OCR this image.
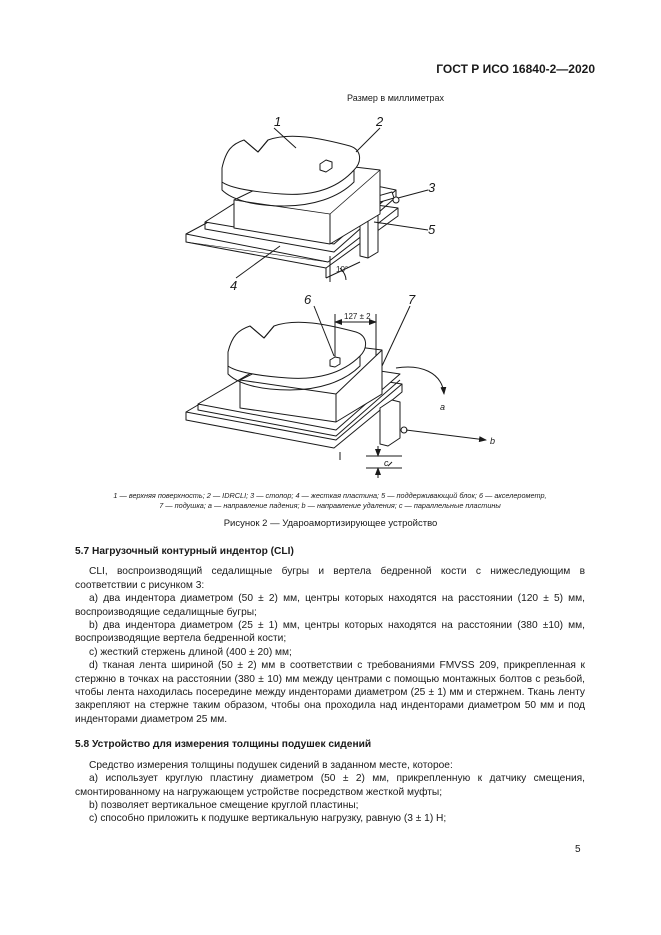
ГОСТ Р ИСО 16840-2—2020
Размер в миллиметрах
1	2
3
5
4
10°
6	7
127 ± 2
a
b
c
1 — верхняя поверхность; 2 — IDRCLI; 3 — стопор; 4 — жесткая пластина; 5 — поддерживающий блок; 6 — акселерометр,
7 — подушка; a — направление падения; b — направление удаления; c — параллельные пластины
Рисунок 2 — Удароамортизирующее устройство

5.7 Нагрузочный контурный индентор (CLI)

CLI, воспроизводящий седалищные бугры и вертела бедренной кости с нижеследующим в соответствии с рисунком 3:

a) два индентора диаметром (50 ± 2) мм, центры которых находятся на расстоянии (120 ± 5) мм, воспроизводящие седалищные бугры;

b) два индентора диаметром (25 ± 1) мм, центры которых находятся на расстоянии (380 ±10) мм, воспроизводящие вертела бедренной кости;

c) жесткий стержень длиной (400 ± 20) мм;

d) тканая лента шириной (50 ± 2) мм в соответствии с требованиями FMVSS 209, прикрепленная к стержню в точках на расстоянии (380 ± 10) мм между центрами с помощью монтажных болтов с резьбой, чтобы лента находилась посередине между инденторами диаметром (25 ± 1) мм и стержнем. Ткань ленту закрепляют на стержне таким образом, чтобы она проходила над инденторами диаметром 50 мм и под инденторами диаметром 25 мм.

5.8 Устройство для измерения толщины подушек сидений

Средство измерения толщины подушек сидений в заданном месте, которое:

a) использует круглую пластину диаметром (50 ± 2) мм, прикрепленную к датчику смещения, смонтированному на нагружающем устройстве посредством жесткой муфты;

b) позволяет вертикальное смещение круглой пластины;

c) способно приложить к подушке вертикальную нагрузку, равную (3 ± 1) Н;

5
